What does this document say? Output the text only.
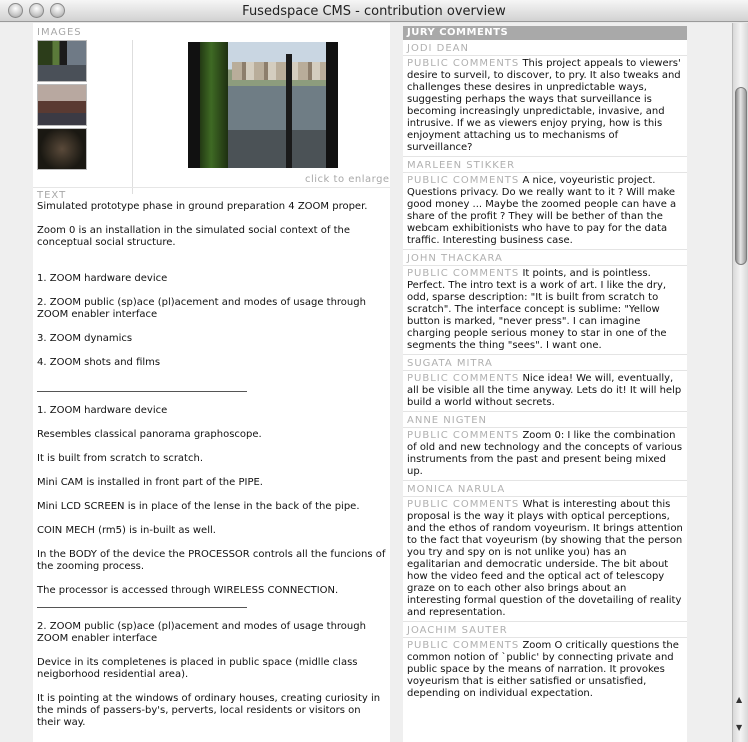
Fusedspace CMS - contribution overview
IMAGES
click to enlarge
TEXT

Simulated prototype phase in ground preparation 4 ZOOM proper.

Zoom 0 is an installation in the simulated social context of the conceptual social structure.

1. ZOOM hardware device

2. ZOOM public (sp)ace (pl)acement and modes of usage through ZOOM enabler interface

3. ZOOM dynamics

4. ZOOM shots and films

1. ZOOM hardware device

Resembles classical panorama graphoscope.

It is built from scratch to scratch.

Mini CAM is installed in front part of the PIPE.

Mini LCD SCREEN is in place of the lense in the back of the pipe.

COIN MECH (rm5) is in-built as well.

In the BODY of the device the PROCESSOR controls all the funcions of the zooming process.

The processor is accessed through WIRELESS CONNECTION.

2. ZOOM public (sp)ace (pl)acement and modes of usage through ZOOM enabler interface

Device in its completenes is placed in public space (midlle class neigborhood residential area).

It is pointing at the windows of ordinary houses, creating curiosity in the minds of passers-by's, perverts, local residents or visitors on their way.

JURY COMMENTS
JODI DEAN
PUBLIC COMMENTS This project appeals to viewers' desire to surveil, to discover, to pry. It also tweaks and challenges these desires in unpredictable ways, suggesting perhaps the ways that surveillance is becoming increasingly unpredictable, invasive, and intrusive. If we as viewers enjoy prying, how is this enjoyment attaching us to mechanisms of surveillance?
MARLEEN STIKKER
PUBLIC COMMENTS A nice, voyeuristic project. Questions privacy. Do we really want to it ? Will make good money ... Maybe the zoomed people can have a share of the profit ? They will be bether of than the webcam exhibitionists who have to pay for the data traffic. Interesting business case.
JOHN THACKARA
PUBLIC COMMENTS It points, and is pointless. Perfect. The intro text is a work of art. I like the dry, odd, sparse description: "It is built from scratch to scratch". The interface concept is sublime: "Yellow button is marked, "never press". I can imagine charging people serious money to star in one of the segments the thing "sees". I want one.
SUGATA MITRA
PUBLIC COMMENTS Nice idea! We will, eventually, all be visible all the time anyway. Lets do it! It will help build a world without secrets.
ANNE NIGTEN
PUBLIC COMMENTS Zoom 0: I like the combination of old and new technology and the concepts of various instruments from the past and present being mixed up.
MONICA NARULA
PUBLIC COMMENTS What is interesting about this proposal is the way it plays with optical perceptions, and the ethos of random voyeurism. It brings attention to the fact that voyeurism (by showing that the person you try and spy on is not unlike you) has an egalitarian and democratic underside. The bit about how the video feed and the optical act of telescopy graze on to each other also brings about an interesting formal question of the dovetailing of reality and representation.
JOACHIM SAUTER
PUBLIC COMMENTS Zoom O critically questions the common notion of `public' by connecting private and public space by the means of narration. It provokes voyeurism that is either satisfied or unsatisfied, depending on individual expectation.
▲
▼
